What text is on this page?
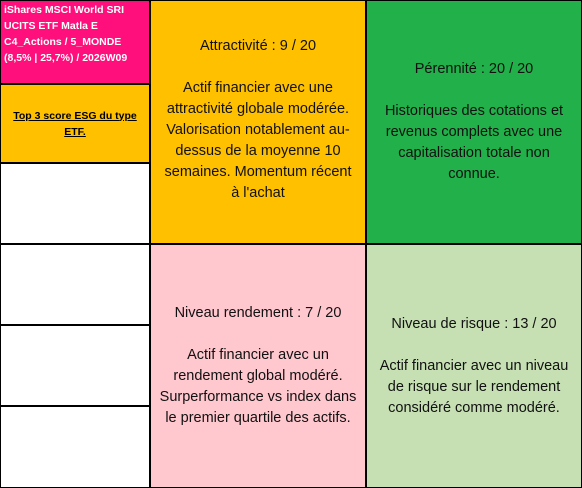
iShares MSCI World SRI
UCITS ETF Matla E
C4_Actions / 5_MONDE
(8,5% | 25,7%) / 2026W09
Top 3 score ESG du type ETF.
Attractivité : 9 / 20
Actif financier avec une attractivité globale modérée. Valorisation notablement au-dessus de la moyenne 10 semaines. Momentum récent à l'achat
Pérennité : 20 / 20
Historiques des cotations et revenus complets avec une capitalisation totale non connue.
Niveau rendement : 7 / 20
Actif financier avec un rendement global modéré. Surperformance vs index dans le premier quartile des actifs.
Niveau de risque : 13 / 20
Actif financier avec un niveau de risque sur le rendement considéré comme modéré.
